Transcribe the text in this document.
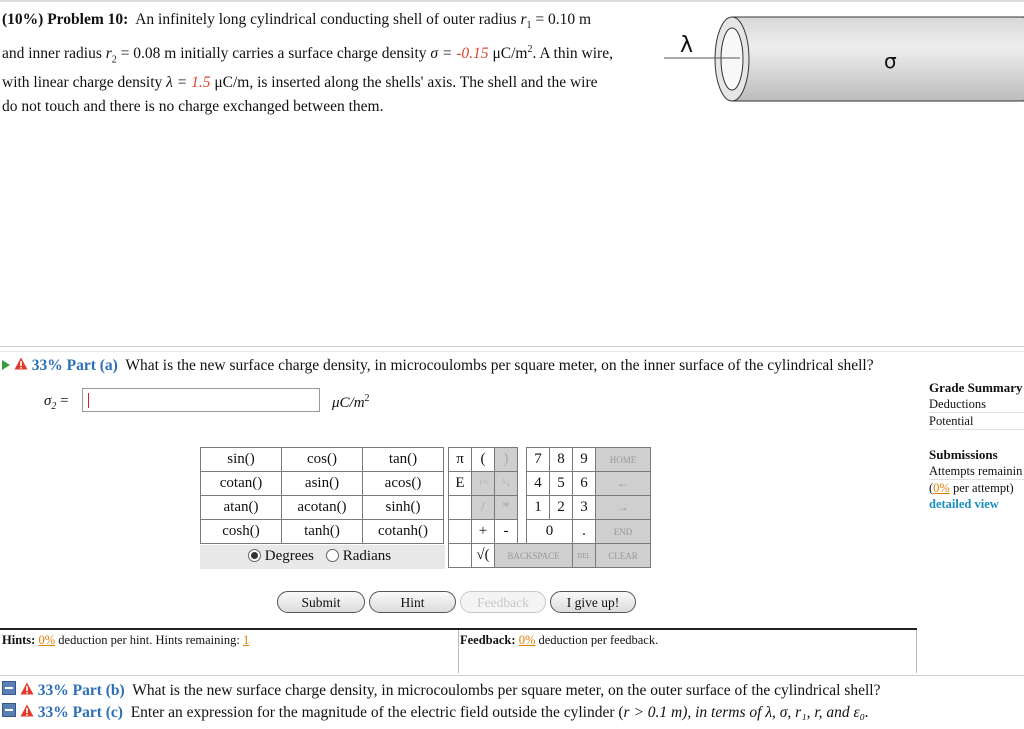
(10%) Problem 10: An infinitely long cylindrical conducting shell of outer radius $r_1 = 0.10$ m
and inner radius $r_2 = 0.08$ m initially carries a surface charge density σ = -0.15 $\mu C/m^2$. A thin wire,
with linear charge density λ = 1.5 μC/m, is inserted along the shells' axis. The shell and the wire
do not touch and there is no charge exchanged between them.
λ
σ
33% Part (a) What is the new surface charge density, in microcoulombs per square meter, on the inner surface of the cylindrical shell?
$\sigma_2$ =	$\mu C/m^2$
Grade Summary
Deductions
Potential
Submissions
Attempts remainin
(0% per attempt)
detailed view
sin()	cos()	tan()
cotan()	asin()	acos()
atan()	acotan()	sinh()
cosh()	tanh()	cotanh()
Degrees	Radians
π	(	)		7	8	9	HOME
E	↑^	^↓		4	5	6	←
	/	*		1	2	3	→
	+	-		0		.	END
	√(	BACKSPACE				DEL	CLEAR
Submit	Hint	Feedback	I give up!
Hints: 0% deduction per hint. Hints remaining: 1	Feedback: 0% deduction per feedback.
33% Part (b) What is the new surface charge density, in microcoulombs per square meter, on the outer surface of the cylindrical shell?
33% Part (c) Enter an expression for the magnitude of the electric field outside the cylinder (r > 0.1 m), in terms of λ, σ, r₁, r, and ε₀.
